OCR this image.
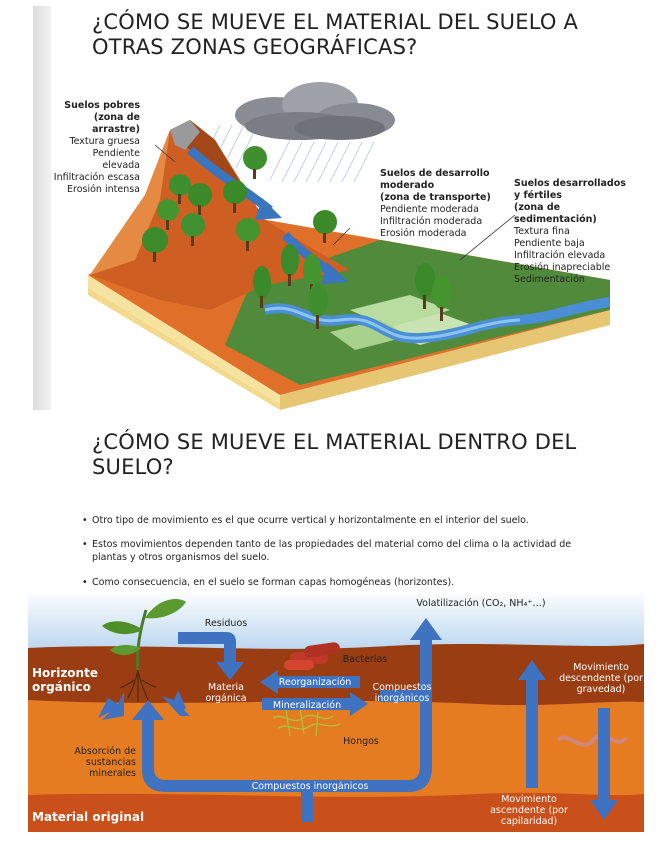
¿CÓMO SE MUEVE EL MATERIAL DEL SUELO A
OTRAS ZONAS GEOGRÁFICAS?
Suelos pobres
(zona de arrastre)
Textura gruesa
Pendiente
elevada
Infiltración escasa
Erosión intensa
Suelos de desarrollo
moderado
(zona de transporte)
Pendiente moderada
Infiltración moderada
Erosión moderada
Suelos desarrollados
y fértiles
(zona de
sedimentación)
Textura fina
Pendiente baja
Infiltración elevada
Erosión inapreciable
Sedimentación
¿CÓMO SE MUEVE EL MATERIAL DENTRO DEL
SUELO?
• Otro tipo de movimiento es el que ocurre vertical y horizontalmente en el interior del suelo.
• Estos movimientos dependen tanto de las propiedades del material como del clima o la actividad de plantas y otros organismos del suelo.
• Como consecuencia, en el suelo se forman capas homogéneas (horizontes).
Volatilización (CO₂, NH₄⁺…)
Residuos
Bacterias
Horizonte
orgánico	Materia
orgánica
Reorganización
Mineralización
Compuestos
inorgánicos
Hongos
Absorción de
sustancias
minerales
Compuestos inorgánicos
Movimiento
descendente (por
gravedad)
Movimiento
ascendente (por
capilaridad)
Material original
